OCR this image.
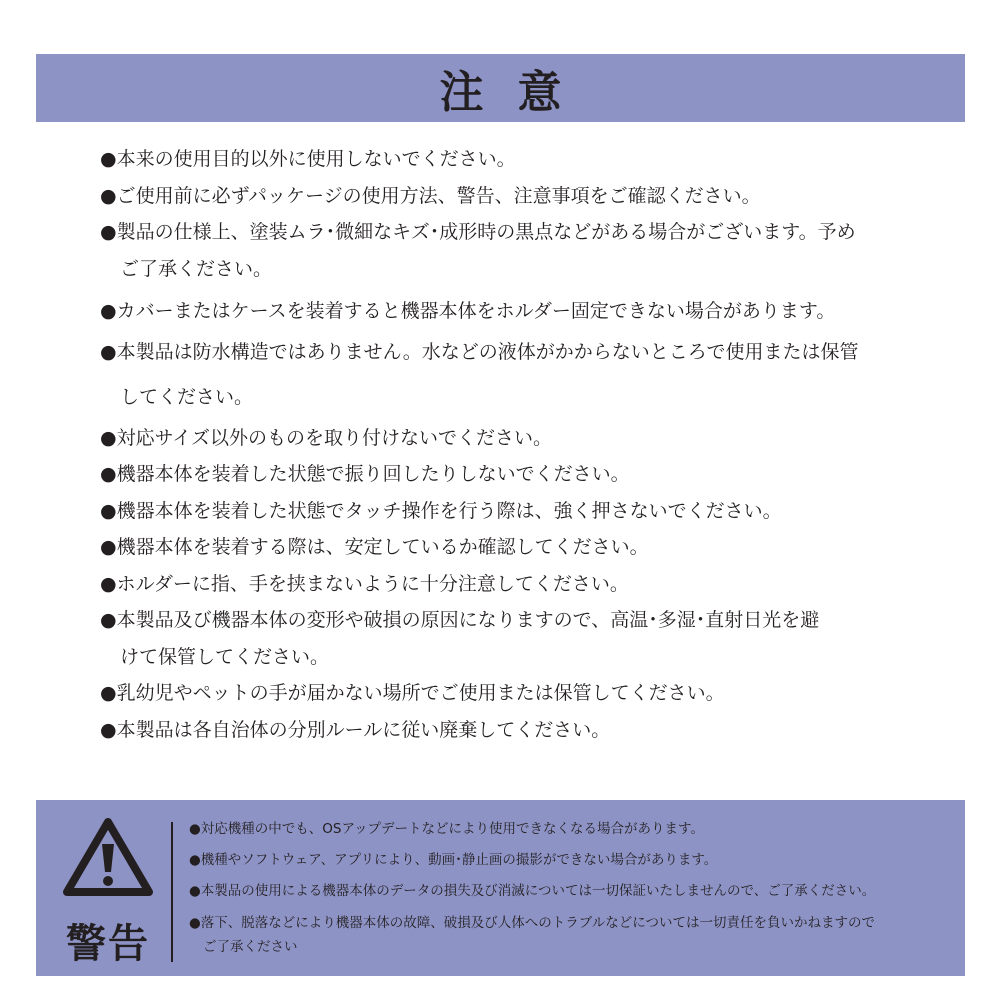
注意
●本来の使用目的以外に使用しないでください。
●ご使用前に必ずパッケージの使用方法、警告、注意事項をご確認ください。
●製品の仕様上、塗装ムラ･微細なキズ･成形時の黒点などがある場合がございます。予め
ご了承ください。
●カバーまたはケースを装着すると機器本体をホルダー固定できない場合があります。
●本製品は防水構造ではありません。水などの液体がかからないところで使用または保管
してください。
●対応サイズ以外のものを取り付けないでください。
●機器本体を装着した状態で振り回したりしないでください。
●機器本体を装着した状態でタッチ操作を行う際は、強く押さないでください。
●機器本体を装着する際は、安定しているか確認してください。
●ホルダーに指、手を挟まないように十分注意してください。
●本製品及び機器本体の変形や破損の原因になりますので、高温･多湿･直射日光を避
けて保管してください。
●乳幼児やペットの手が届かない場所でご使用または保管してください。
●本製品は各自治体の分別ルールに従い廃棄してください。
警告
●対応機種の中でも、OSアップデートなどにより使用できなくなる場合があります。
●機種やソフトウェア、アプリにより、動画･静止画の撮影ができない場合があります。
●本製品の使用による機器本体のデータの損失及び消滅については一切保証いたしませんので、ご了承ください。
●落下、脱落などにより機器本体の故障、破損及び人体へのトラブルなどについては一切責任を負いかねますので
ご了承ください
